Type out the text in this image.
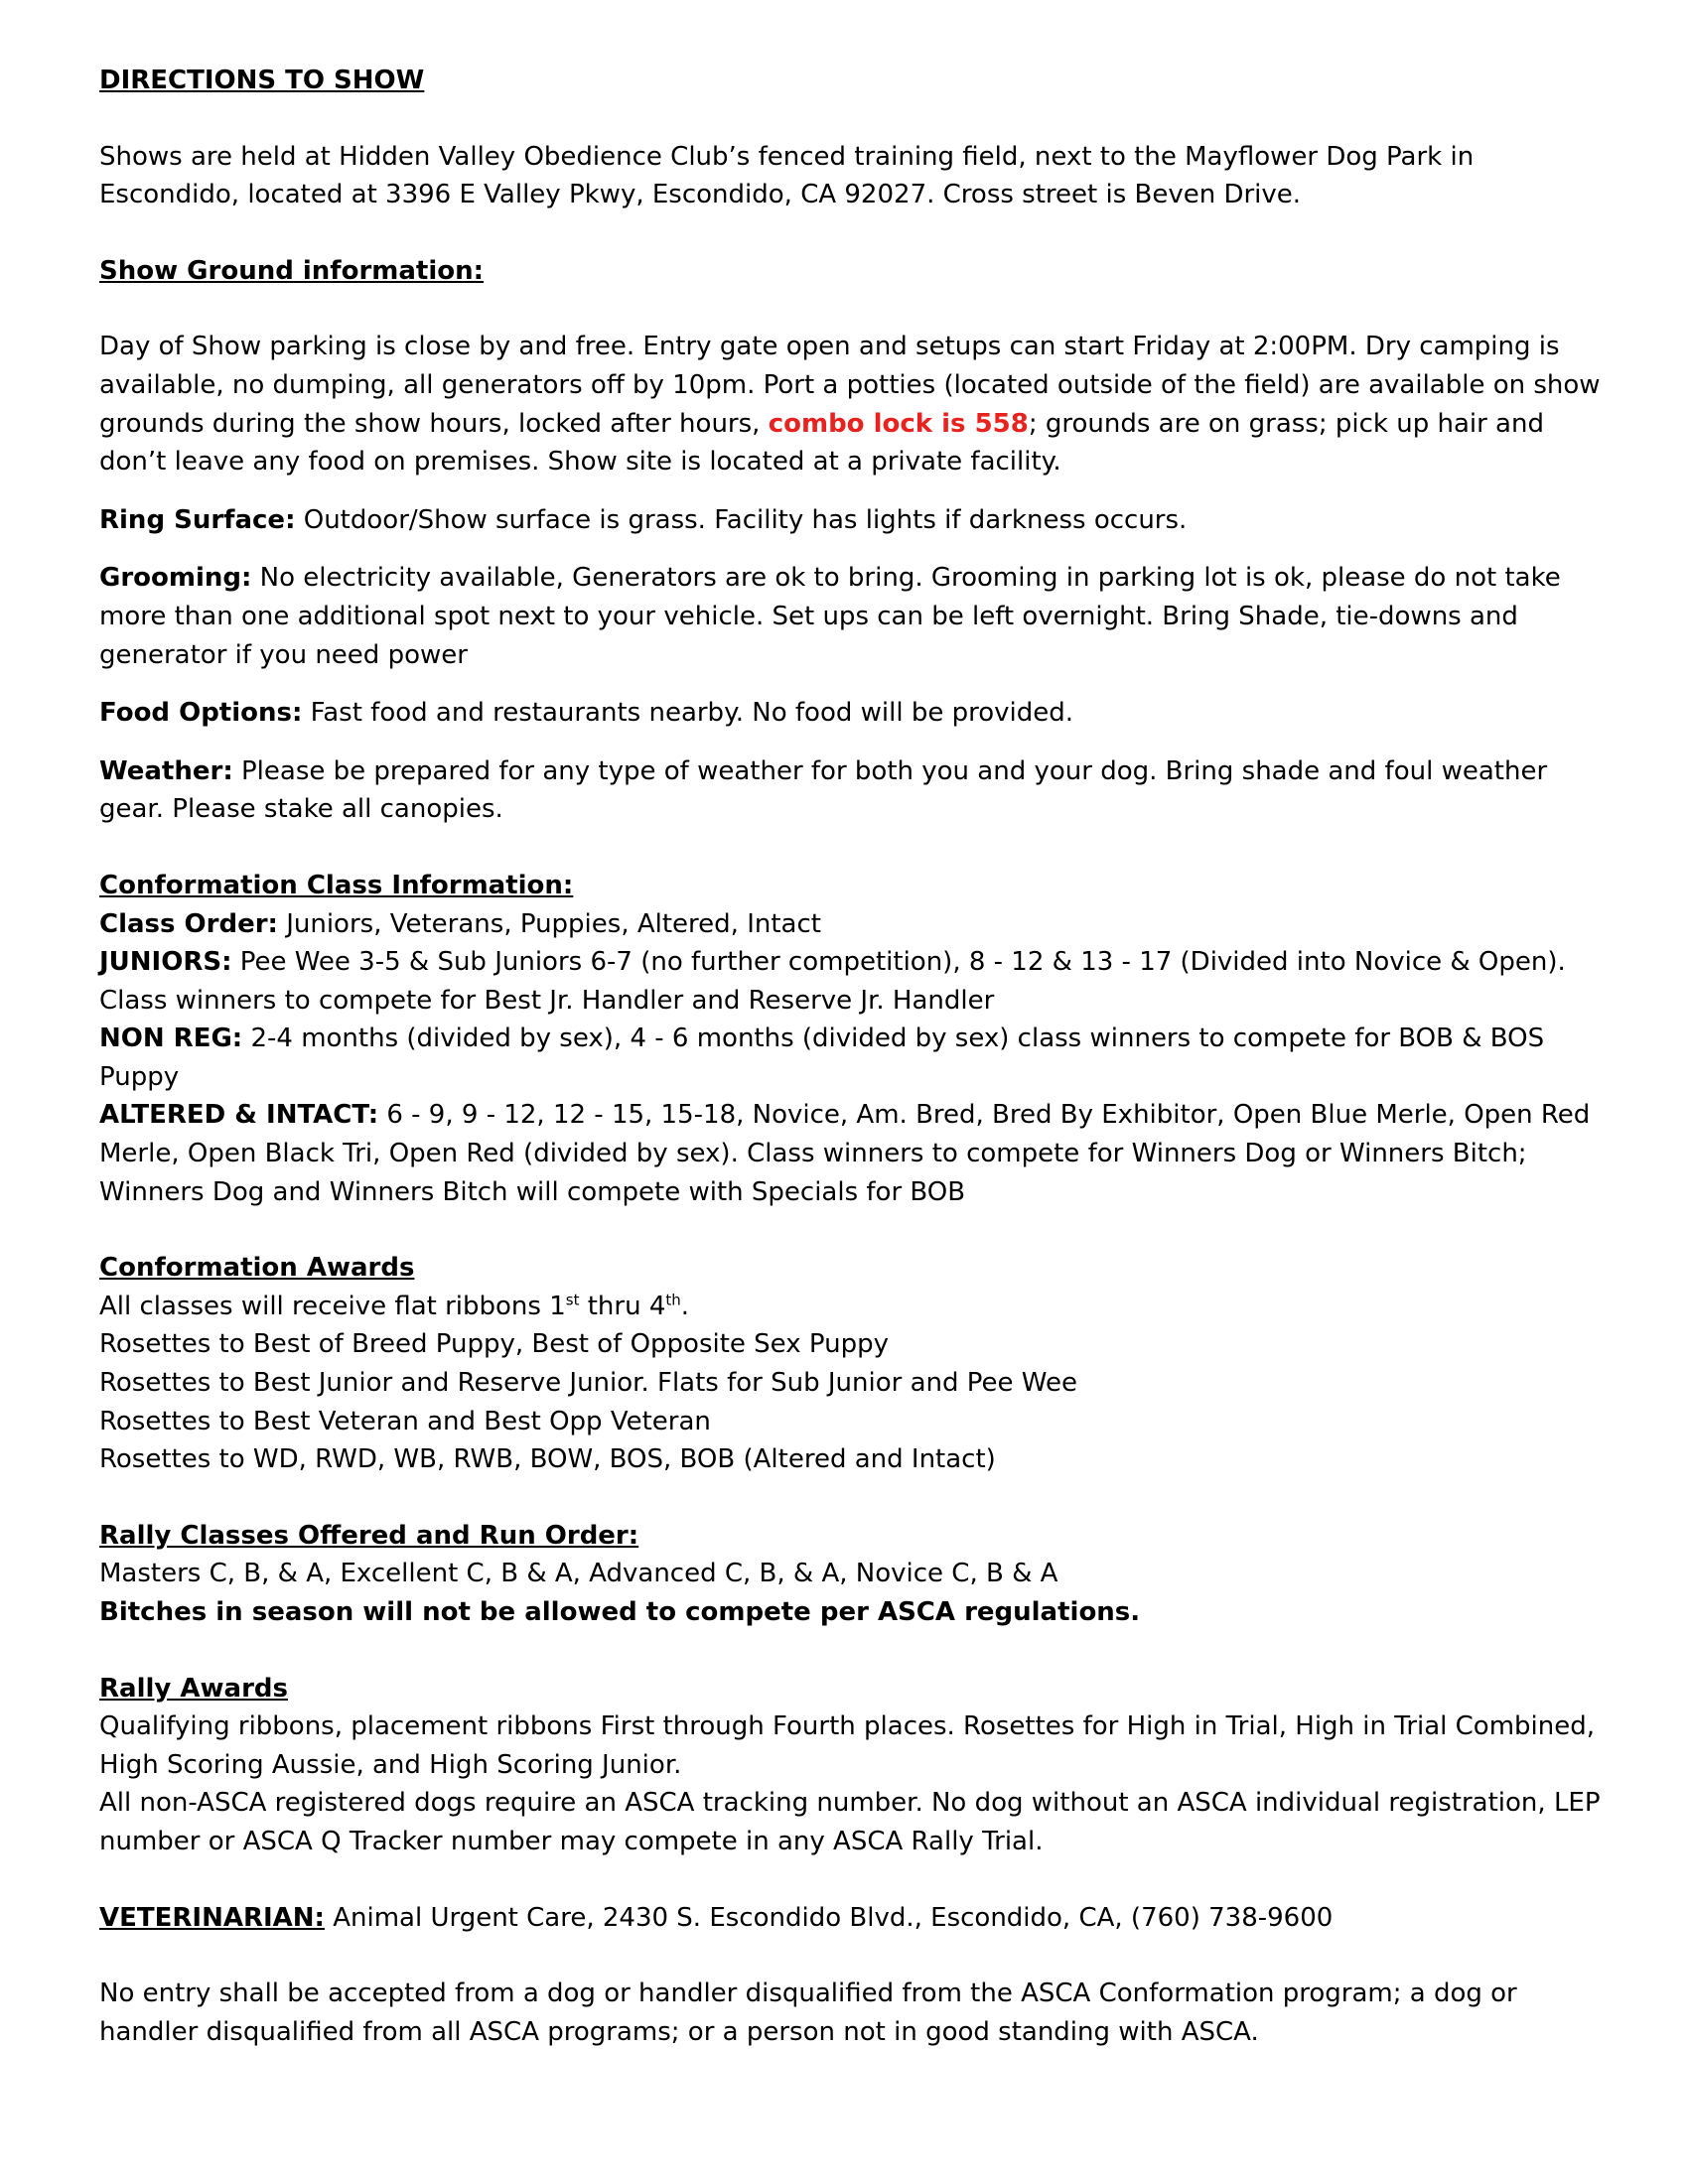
DIRECTIONS TO SHOW

Shows are held at Hidden Valley Obedience Club’s fenced training field, next to the Mayflower Dog Park in Escondido, located at 3396 E Valley Pkwy, Escondido, CA 92027. Cross street is Beven Drive.

Show Ground information:

Day of Show parking is close by and free. Entry gate open and setups can start Friday at 2:00PM. Dry camping is available, no dumping, all generators off by 10pm. Port a potties (located outside of the field) are available on show grounds during the show hours, locked after hours, combo lock is 558; grounds are on grass; pick up hair and don’t leave any food on premises. Show site is located at a private facility.

Ring Surface: Outdoor/Show surface is grass. Facility has lights if darkness occurs.

Grooming: No electricity available, Generators are ok to bring. Grooming in parking lot is ok, please do not take more than one additional spot next to your vehicle. Set ups can be left overnight. Bring Shade, tie-downs and generator if you need power

Food Options: Fast food and restaurants nearby. No food will be provided.

Weather: Please be prepared for any type of weather for both you and your dog. Bring shade and foul weather gear. Please stake all canopies.

Conformation Class Information:

Class Order: Juniors, Veterans, Puppies, Altered, Intact

JUNIORS: Pee Wee 3-5 & Sub Juniors 6-7 (no further competition), 8 - 12 & 13 - 17 (Divided into Novice & Open). Class winners to compete for Best Jr. Handler and Reserve Jr. Handler

NON REG: 2-4 months (divided by sex), 4 - 6 months (divided by sex) class winners to compete for BOB & BOS Puppy

ALTERED & INTACT: 6 - 9, 9 - 12, 12 - 15, 15-18, Novice, Am. Bred, Bred By Exhibitor, Open Blue Merle, Open Red Merle, Open Black Tri, Open Red (divided by sex). Class winners to compete for Winners Dog or Winners Bitch; Winners Dog and Winners Bitch will compete with Specials for BOB

Conformation Awards

All classes will receive flat ribbons 1st thru 4th.

Rosettes to Best of Breed Puppy, Best of Opposite Sex Puppy

Rosettes to Best Junior and Reserve Junior. Flats for Sub Junior and Pee Wee

Rosettes to Best Veteran and Best Opp Veteran

Rosettes to WD, RWD, WB, RWB, BOW, BOS, BOB (Altered and Intact)

Rally Classes Offered and Run Order:

Masters C, B, & A, Excellent C, B & A, Advanced C, B, & A, Novice C, B & A

Bitches in season will not be allowed to compete per ASCA regulations.

Rally Awards

Qualifying ribbons, placement ribbons First through Fourth places. Rosettes for High in Trial, High in Trial Combined, High Scoring Aussie, and High Scoring Junior.

All non-ASCA registered dogs require an ASCA tracking number. No dog without an ASCA individual registration, LEP number or ASCA Q Tracker number may compete in any ASCA Rally Trial.

VETERINARIAN: Animal Urgent Care, 2430 S. Escondido Blvd., Escondido, CA, (760) 738-9600

No entry shall be accepted from a dog or handler disqualified from the ASCA Conformation program; a dog or handler disqualified from all ASCA programs; or a person not in good standing with ASCA.
